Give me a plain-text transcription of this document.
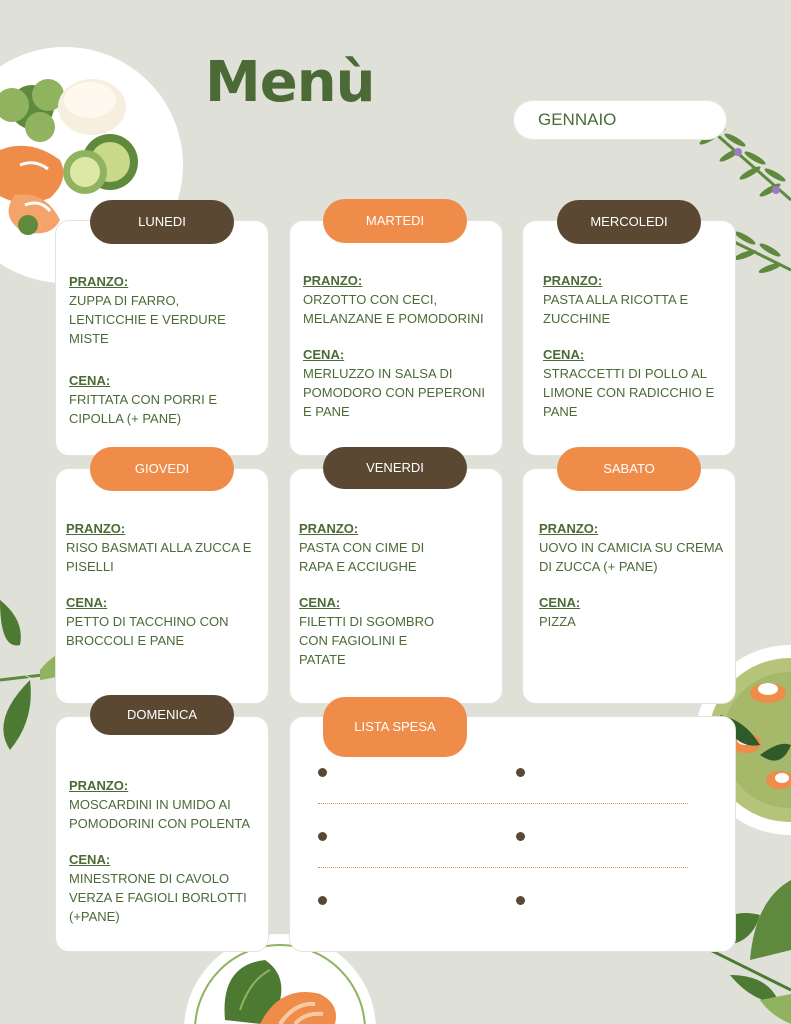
Menù
GENNAIO
LUNEDI	MARTEDI	MERCOLEDI
GIOVEDI	VENERDI	SABATO
DOMENICA
LISTA SPESA
PRANZO:
ZUPPA DI FARRO,
LENTICCHIE E VERDURE
MISTE
CENA:
FRITTATA CON PORRI E
CIPOLLA (+ PANE)
PRANZO:
ORZOTTO CON CECI,
MELANZANE E POMODORINI
CENA:
MERLUZZO IN SALSA DI
POMODORO CON PEPERONI
E PANE
PRANZO:
PASTA ALLA RICOTTA E
ZUCCHINE
CENA:
STRACCETTI DI POLLO AL
LIMONE CON RADICCHIO E
PANE
PRANZO:
RISO BASMATI ALLA ZUCCA E
PISELLI
CENA:
PETTO DI TACCHINO CON
BROCCOLI E PANE
PRANZO:
PASTA CON CIME DI
RAPA E ACCIUGHE
CENA:
FILETTI DI SGOMBRO
CON FAGIOLINI E
PATATE
PRANZO:
UOVO IN CAMICIA SU CREMA
DI ZUCCA (+ PANE)
CENA:
PIZZA
PRANZO:
MOSCARDINI IN UMIDO AI
POMODORINI CON POLENTA
CENA:
MINESTRONE DI CAVOLO
VERZA E FAGIOLI BORLOTTI
(+PANE)
